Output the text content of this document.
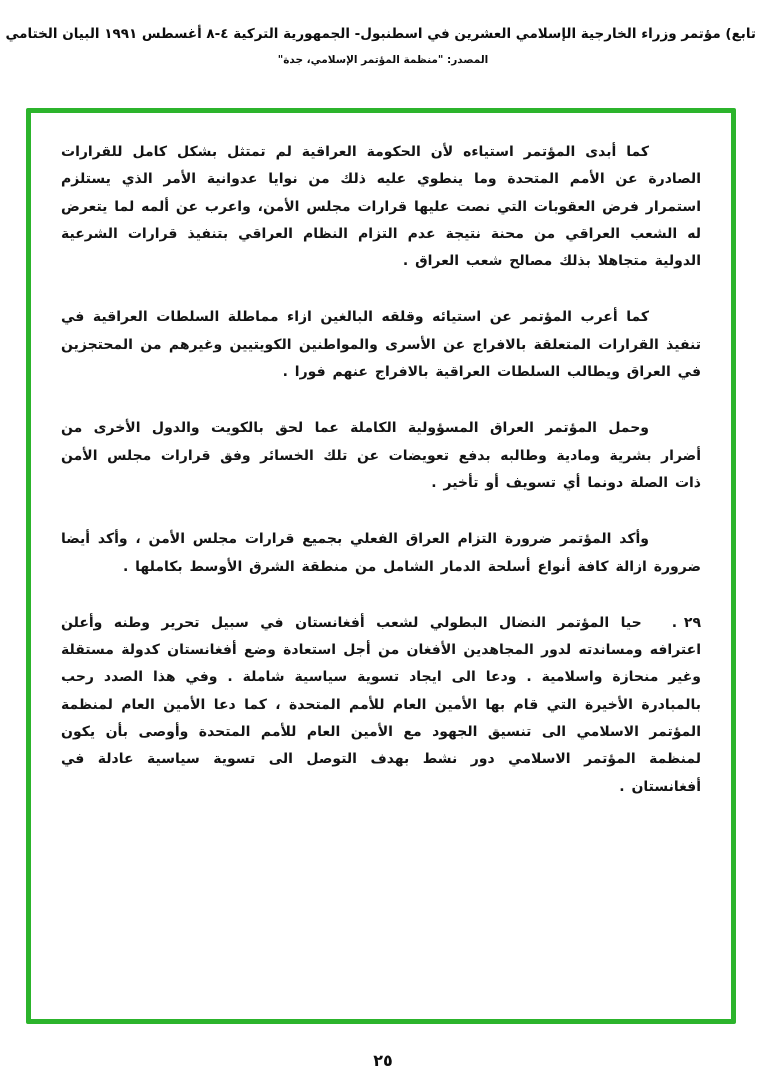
تابع) مؤتمر وزراء الخارجية الإسلامي العشرين في اسطنبول- الجمهورية التركية ٤-٨ أغسطس ١٩٩١ البيان الختامي
المصدر: "منظمة المؤتمر الإسلامي، جدة"

كما أبدى المؤتمر استياءه لأن الحكومة العراقية لم تمتثل بشكل كامل للقرارات الصادرة عن الأمم المتحدة وما ينطوي عليه ذلك من نوايا عدوانية الأمر الذي يستلزم استمرار فرض العقوبات التي نصت عليها قرارات مجلس الأمن، واعرب عن ألمه لما يتعرض له الشعب العراقي من محنة نتيجة عدم التزام النظام العراقي بتنفيذ قرارات الشرعية الدولية متجاهلا بذلك مصالح شعب العراق .

كما أعرب المؤتمر عن استيائه وقلقه البالغين ازاء مماطلة السلطات العراقية في تنفيذ القرارات المتعلقة بالافراج عن الأسرى والمواطنين الكويتيين وغيرهم من المحتجزين في العراق ويطالب السلطات العراقية بالافراج عنهم فورا .

وحمل المؤتمر العراق المسؤولية الكاملة عما لحق بالكويت والدول الأخرى من أضرار بشرية ومادية وطالبه بدفع تعويضات عن تلك الخسائر وفق قرارات مجلس الأمن ذات الصلة دونما أي تسويف أو تأخير .

وأكد المؤتمر ضرورة التزام العراق الفعلي بجميع قرارات مجلس الأمن ، وأكد أيضا ضرورة ازالة كافة أنواع أسلحة الدمار الشامل من منطقة الشرق الأوسط بكاملها .

٢٩ .حيا المؤتمر النضال البطولي لشعب أفغانستان في سبيل تحرير وطنه وأعلن اعترافه ومساندته لدور المجاهدين الأفغان من أجل استعادة وضع أفغانستان كدولة مستقلة وغير منحازة واسلامية . ودعا الى ايجاد تسوية سياسية شاملة . وفي هذا الصدد رحب بالمبادرة الأخيرة التي قام بها الأمين العام للأمم المتحدة ، كما دعا الأمين العام لمنظمة المؤتمر الاسلامي الى تنسيق الجهود مع الأمين العام للأمم المتحدة وأوصى بأن يكون لمنظمة المؤتمر الاسلامي دور نشط بهدف التوصل الى تسوية سياسية عادلة في أفغانستان .

٢٥
